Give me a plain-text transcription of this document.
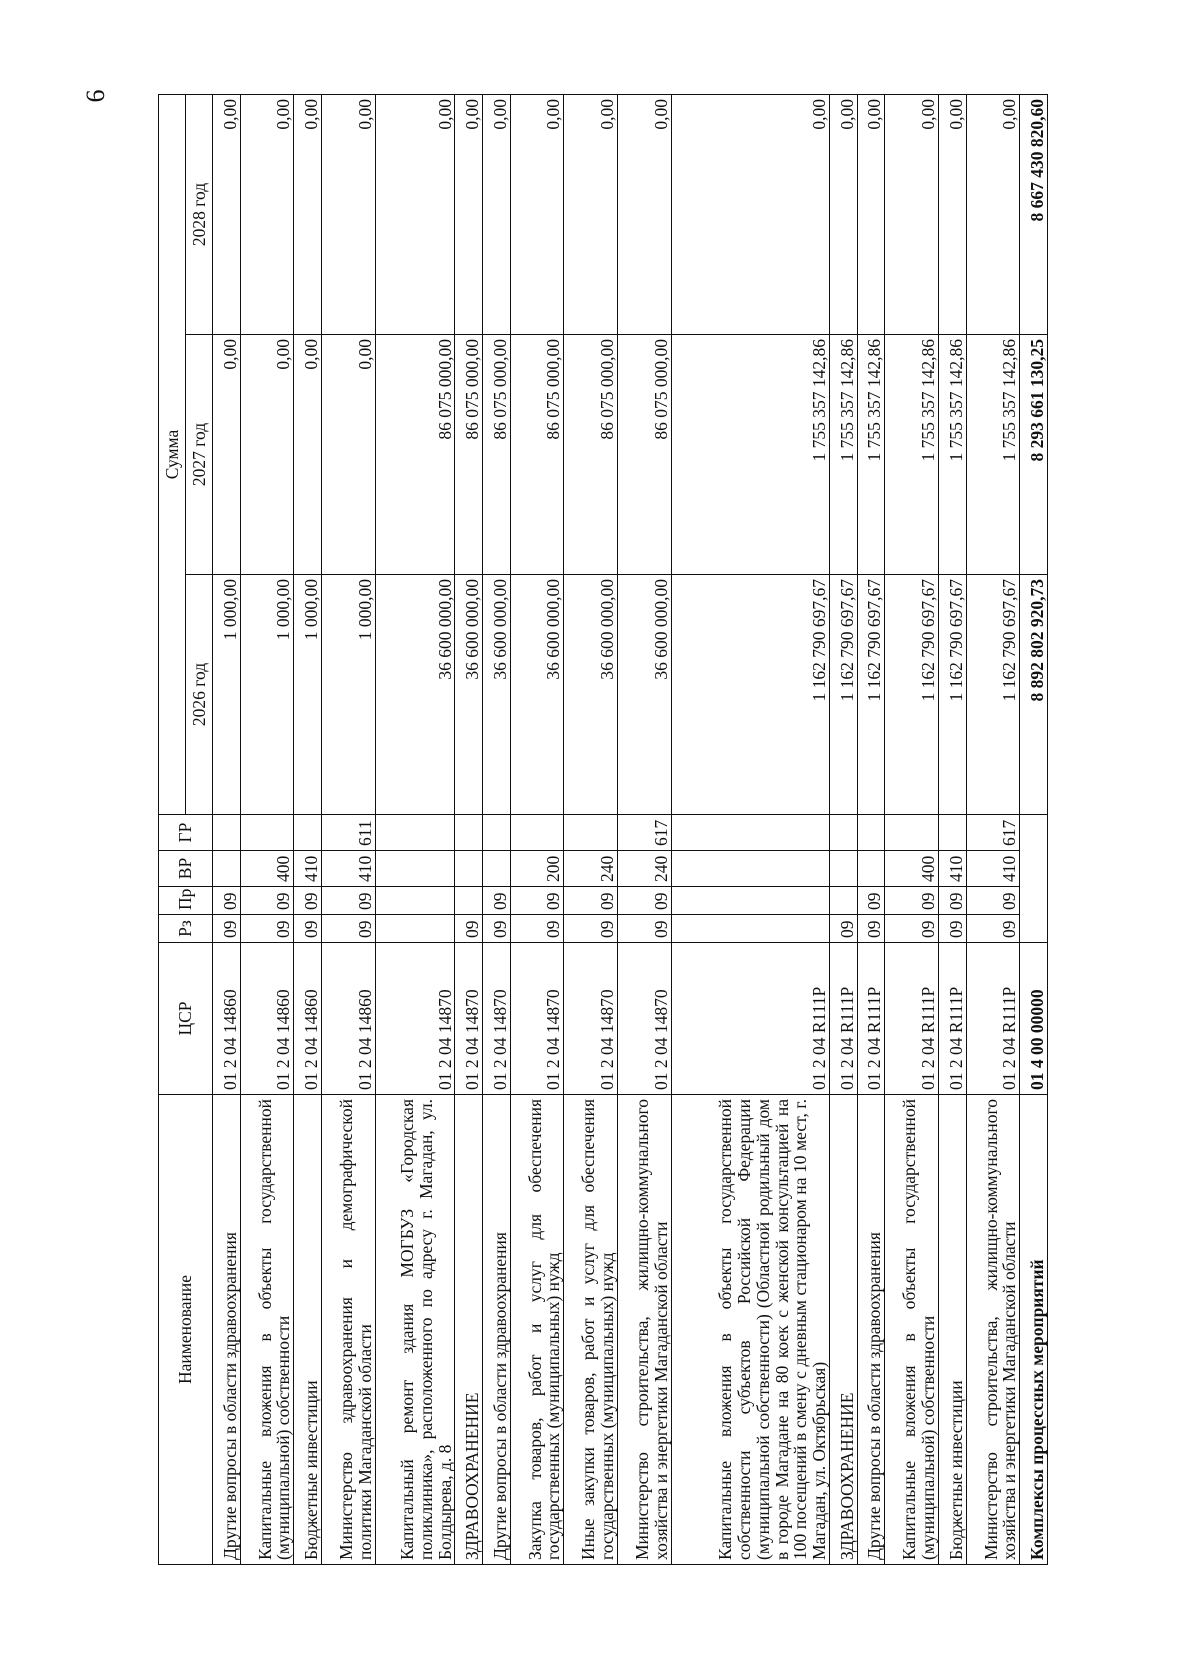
6
Наименование	ЦСР	Рз	Пр	ВР	ГР	Сумма		
						2026 год	2027 год	2028 год
Другие вопросы в области здравоохранения	01 2 04 14860	09	09			1 000,00	0,00	0,00
Капитальные вложения в объекты государственной (муниципальной) собственности	01 2 04 14860	09	09	400		1 000,00	0,00	0,00
Бюджетные инвестиции	01 2 04 14860	09	09	410		1 000,00	0,00	0,00
Министерство здравоохранения и демографической политики Магаданской области	01 2 04 14860	09	09	410	611	1 000,00	0,00	0,00
Капитальный ремонт здания МОГБУЗ «Городская поликлиника», расположенного по адресу г. Магадан, ул. Болдырева, д. 8	01 2 04 14870					36 600 000,00	86 075 000,00	0,00
ЗДРАВООХРАНЕНИЕ	01 2 04 14870	09				36 600 000,00	86 075 000,00	0,00
Другие вопросы в области здравоохранения	01 2 04 14870	09	09			36 600 000,00	86 075 000,00	0,00
Закупка товаров, работ и услуг для обеспечения государственных (муниципальных) нужд	01 2 04 14870	09	09	200		36 600 000,00	86 075 000,00	0,00
Иные закупки товаров, работ и услуг для обеспечения государственных (муниципальных) нужд	01 2 04 14870	09	09	240		36 600 000,00	86 075 000,00	0,00
Министерство строительства, жилищно-коммунального хозяйства и энергетики Магаданской области	01 2 04 14870	09	09	240	617	36 600 000,00	86 075 000,00	0,00
Капитальные вложения в объекты государственной собственности субъектов Российской Федерации (муниципальной собственности) (Областной родильный дом в городе Магадане на 80 коек с женской консультацией на 100 посещений в смену с дневным стационаром на 10 мест, г. Магадан, ул. Октябрьская)	01 2 04 R111P					1 162 790 697,67	1 755 357 142,86	0,00
ЗДРАВООХРАНЕНИЕ	01 2 04 R111P	09				1 162 790 697,67	1 755 357 142,86	0,00
Другие вопросы в области здравоохранения	01 2 04 R111P	09	09			1 162 790 697,67	1 755 357 142,86	0,00
Капитальные вложения в объекты государственной (муниципальной) собственности	01 2 04 R111P	09	09	400		1 162 790 697,67	1 755 357 142,86	0,00
Бюджетные инвестиции	01 2 04 R111P	09	09	410		1 162 790 697,67	1 755 357 142,86	0,00
Министерство строительства, жилищно-коммунального хозяйства и энергетики Магаданской области	01 2 04 R111P	09	09	410	617	1 162 790 697,67	1 755 357 142,86	0,00
Комплексы процессных мероприятий	01 4 00 00000					8 892 802 920,73	8 293 661 130,25	8 667 430 820,60
